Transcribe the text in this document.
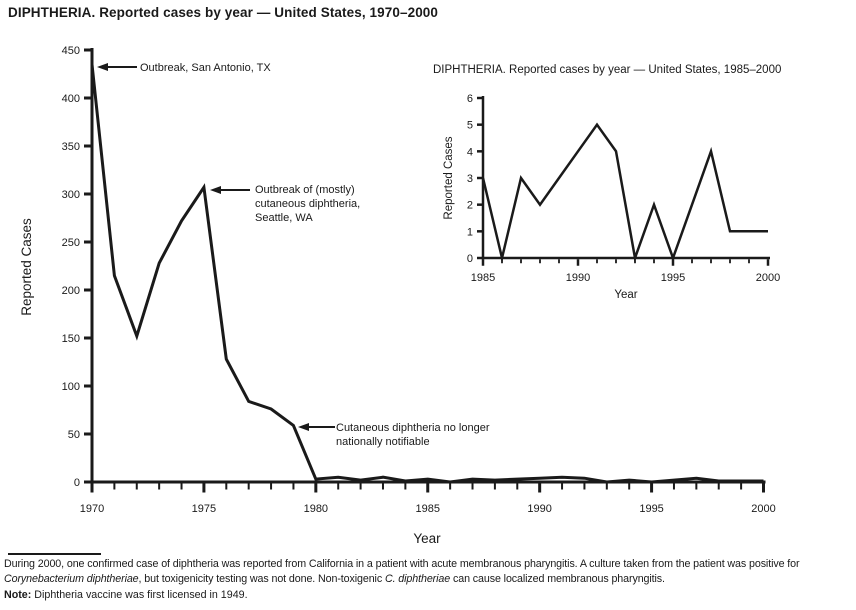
DIPHTHERIA. Reported cases by year — United States, 1970–2000
0
50
100
150
200
250
300
350
400
450
1970	1975	1980	1985	1990	1995	2000
Year
Reported Cases
Outbreak, San Antonio, TX
Outbreak of (mostly)
cutaneous diphtheria,
Seattle, WA
Cutaneous diphtheria no longer
nationally notifiable
0
1
2
3
4
5
6
1985	1990	1995	2000
Year
Reported Cases
DIPHTHERIA. Reported cases by year — United States, 1985–2000
During 2000, one confirmed case of diphtheria was reported from California in a patient with acute membranous pharyngitis. A culture taken from the patient was positive for Corynebacterium diphtheriae, but toxigenicity testing was not done. Non-toxigenic C. diphtheriae can cause localized membranous pharyngitis.
Note: Diphtheria vaccine was first licensed in 1949.
